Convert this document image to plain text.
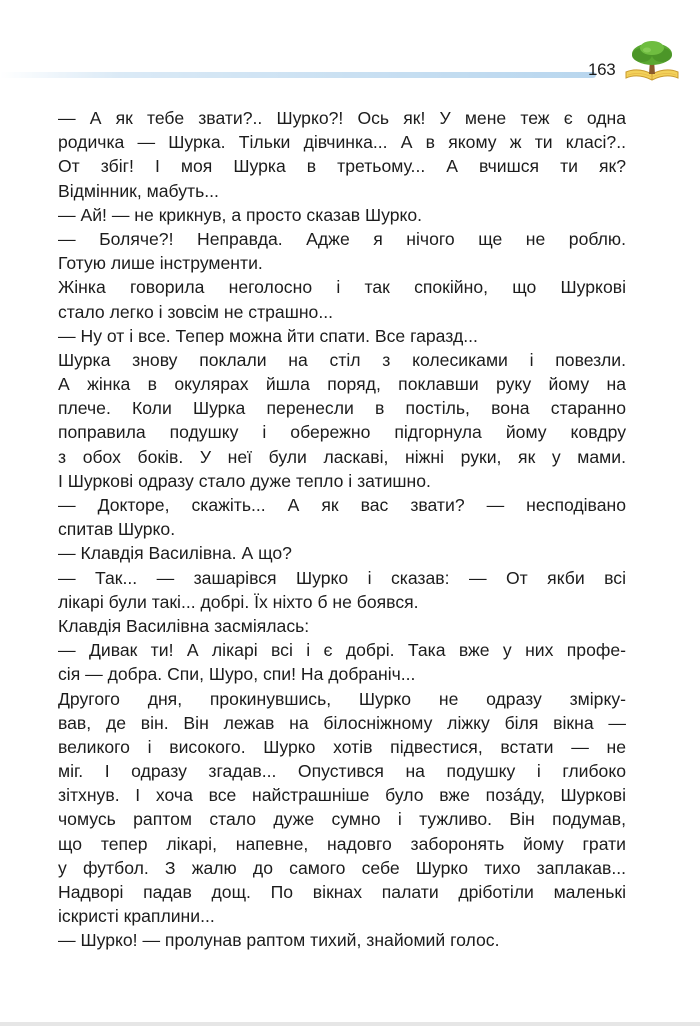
163
— А як тебе звати?.. Шурко?! Ось як! У мене теж є одна
родичка — Шурка. Тільки дівчинка... А в якому ж ти класі?..
От збіг! І моя Шурка в третьому... А вчишся ти як?
Відмінник, мабуть...
— Ай! — не крикнув, а просто сказав Шурко.
— Боляче?! Неправда. Адже я нічого ще не роблю.
Готую лише інструменти.
Жінка говорила неголосно і так спокійно, що Шуркові
стало легко і зовсім не страшно...
— Ну от і все. Тепер можна йти спати. Все гаразд...
Шурка знову поклали на стіл з колесиками і повезли.
А жінка в окулярах йшла поряд, поклавши руку йому на
плече. Коли Шурка перенесли в постіль, вона старанно
поправила подушку і обережно підгорнула йому ковдру
з обох боків. У неї були ласкаві, ніжні руки, як у мами.
І Шуркові одразу стало дуже тепло і затишно.
— Докторе, скажіть... А як вас звати? — несподівано
спитав Шурко.
— Клавдія Василівна. А що?
— Так... — зашарівся Шурко і сказав: — От якби всі
лікарі були такі... добрі. Їх ніхто б не боявся.
Клавдія Василівна засміялась:
— Дивак ти! А лікарі всі і є добрі. Така вже у них профе-
сія — добра. Спи, Шуро, спи! На добраніч...
Другого дня, прокинувшись, Шурко не одразу змірку-
вав, де він. Він лежав на білосніжному ліжку біля вікна —
великого і високого. Шурко хотів підвестися, встати — не
міг. І одразу згадав... Опустився на подушку і глибоко
зітхнув. І хоча все найстрашніше було вже позáду, Шуркові
чомусь раптом стало дуже сумно і тужливо. Він подумав,
що тепер лікарі, напевне, надовго заборонять йому грати
у футбол. З жалю до самого себе Шурко тихо заплакав...
Надворі падав дощ. По вікнах палати дріботіли маленькі
іскристі краплини...
— Шурко! — пролунав раптом тихий, знайомий голос.
